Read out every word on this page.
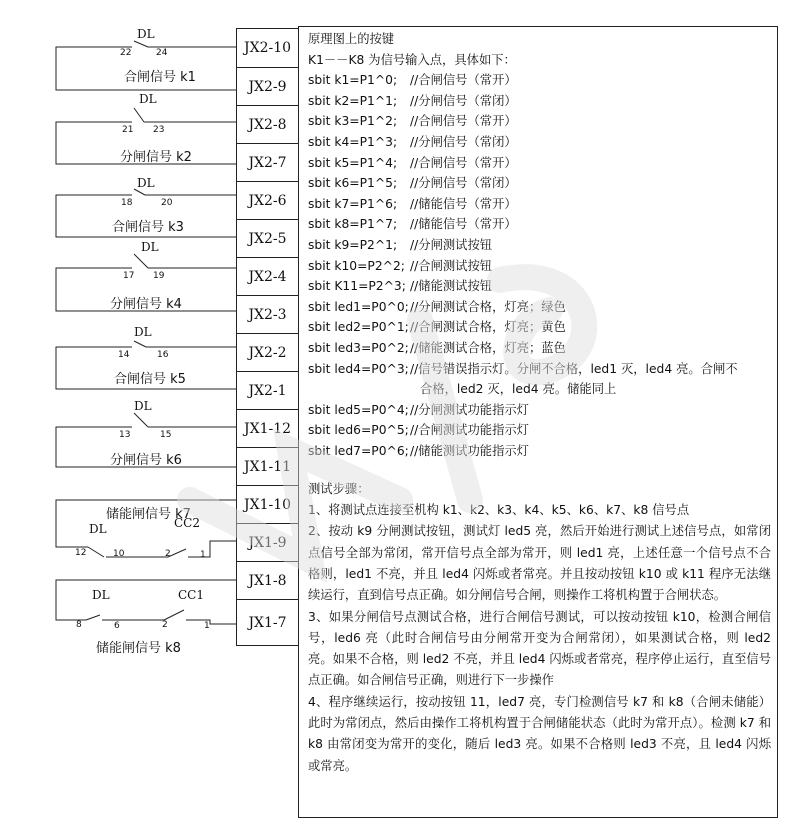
JX2-10
JX2-9
JX2-8
JX2-7
JX2-6
JX2-5
JX2-4
JX2-3
JX2-2
JX2-1
JX1-12
JX1-11
JX1-10
JX1-9
JX1-8
JX1-7
DL
22	24
合闸信号 k1
DL
21 23
分闸信号 k2
DL
18	20
合闸信号 k3
DL
17 19
分闸信号 k4
DL
14	16
合闸信号 k5
DL
13	15
分闸信号 k6
储能闸信号 k7
DL	CC2
12	10	2	1
DL	CC1
8	6	2	1
储能闸信号 k8
原理图上的按键
K1－－K8 为信号输入点，具体如下：
sbit k1=P1^0; //合闸信号（常开）
sbit k2=P1^1; //分闸信号（常闭）
sbit k3=P1^2; //合闸信号（常开）
sbit k4=P1^3; //分闸信号（常闭）
sbit k5=P1^4; //合闸信号（常开）
sbit k6=P1^5; //分闸信号（常闭）
sbit k7=P1^6; //储能信号（常开）
sbit k8=P1^7; //储能信号（常开）
sbit k9=P2^1; //分闸测试按钮
sbit k10=P2^2; //合闸测试按钮
sbit K11=P2^3; //储能测试按钮
sbit led1=P0^0;//分闸测试合格，灯亮；绿色
sbit led2=P0^1;//合闸测试合格，灯亮；黄色
sbit led3=P0^2;//储能测试合格，灯亮；蓝色
sbit led4=P0^3;//信号错误指示灯。分闸不合格，led1 灭，led4 亮。合闸不
合格，led2 灭，led4 亮。储能同上
sbit led5=P0^4;//分闸测试功能指示灯
sbit led6=P0^5;//合闸测试功能指示灯
sbit led7=P0^6;//储能测试功能指示灯
测试步骤：
1、将测试点连接至机构 k1、k2、k3、k4、k5、k6、k7、k8 信号点
2、按动 k9 分闸测试按钮，测试灯 led5 亮，然后开始进行测试上述信号点，如常闭点信号全部为常闭，常开信号点全部为常开，则 led1 亮，上述任意一个信号点不合格则，led1 不亮，并且 led4 闪烁或者常亮。并且按动按钮 k10 或 k11 程序无法继续运行，直到信号点正确。如分闸信号合闸，则操作工将机构置于合闸状态。
3、如果分闸信号点测试合格，进行合闸信号测试，可以按动按钮 k10，检测合闸信号，led6 亮（此时合闸信号由分闸常开变为合闸常闭），如果测试合格，则 led2 亮。如果不合格，则 led2 不亮，并且 led4 闪烁或者常亮，程序停止运行，直至信号点正确。如合闸信号正确，则进行下一步操作
4、程序继续运行，按动按钮 11，led7 亮，专门检测信号 k7 和 k8（合闸未储能）此时为常闭点，然后由操作工将机构置于合闸储能状态（此时为常开点）。检测 k7 和 k8 由常闭变为常开的变化，随后 led3 亮。如果不合格则 led3 不亮，且 led4 闪烁或常亮。
